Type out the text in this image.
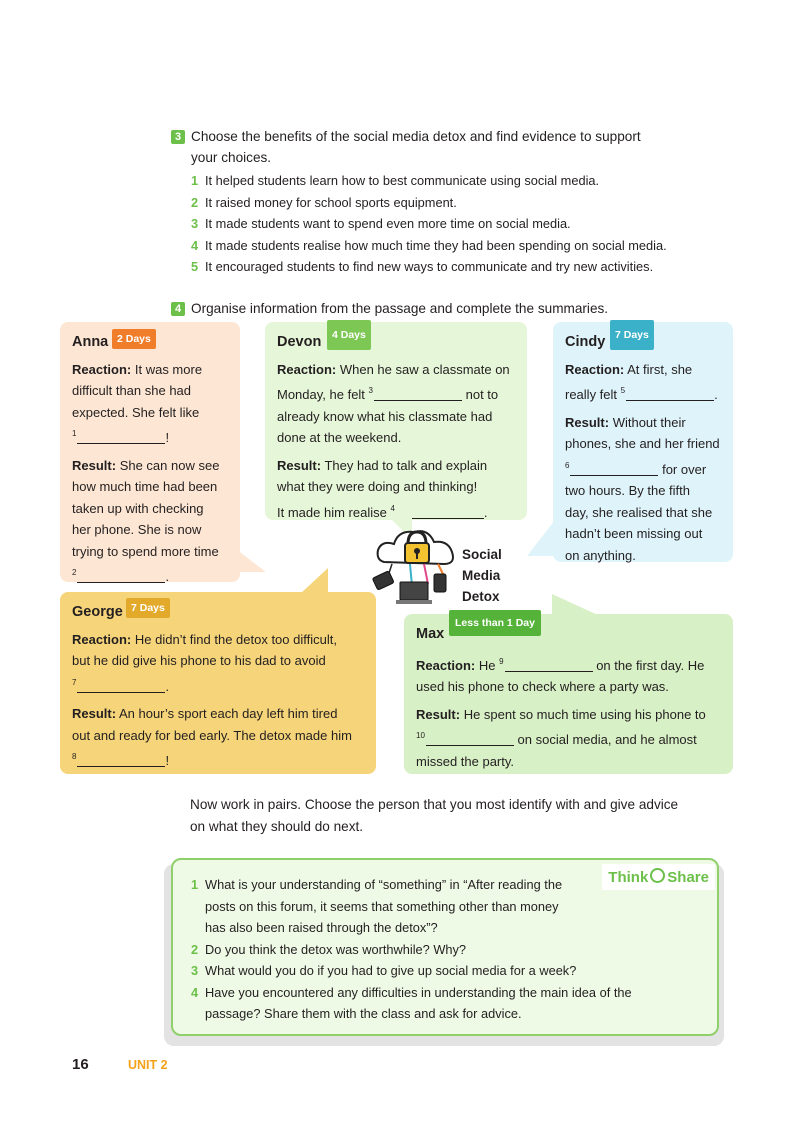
3 Choose the benefits of the social media detox and find evidence to support
your choices.
1 It helped students learn how to best communicate using social media.
2 It raised money for school sports equipment.
3 It made students want to spend even more time on social media.
4 It made students realise how much time they had been spending on social media.
5 It encouraged students to find new ways to communicate and try new activities.
4 Organise information from the passage and complete the summaries.

Anna 2 Days

Reaction: It was more

difficult than she had

expected. She felt like

$^1$	!

Result: She can now see

how much time had been

taken up with checking

her phone. She is now

trying to spend more time

$^2$	.

Devon	4 Days

Reaction: When he saw a classmate on

Monday, he felt $^3$	not to

already know what his classmate had

done at the weekend.

Result: They had to talk and explain

what they were doing and thinking!

It made him realise $^4$	.

Cindy 7 Days

Reaction: At first, she

really felt $^5$	.

Result: Without their

phones, she and her friend

$^6$	for over

two hours. By the fifth

day, she realised that she

hadn’t been missing out

on anything.

Social
Media
Detox

George 7 Days

Reaction: He didn’t find the detox too difficult,

but he did give his phone to his dad to avoid

$^7$	.

Result: An hour’s sport each day left him tired

out and ready for bed early. The detox made him

$^8$	!

Max

Less than 1 Day

Reaction: He $^9$	on the first day. He

used his phone to check where a party was.

Result: He spent so much time using his phone to

$^{10}$	on social media, and he almost

missed the party.

Now work in pairs. Choose the person that you most identify with and give advice
on what they should do next.
Think Share
1 What is your understanding of “something” in “After reading the
posts on this forum, it seems that something other than money
has also been raised through the detox”?
2 Do you think the detox was worthwhile? Why?
3 What would you do if you had to give up social media for a week?
4 Have you encountered any difficulties in understanding the main idea of the
passage? Share them with the class and ask for advice.
16	UNIT 2
